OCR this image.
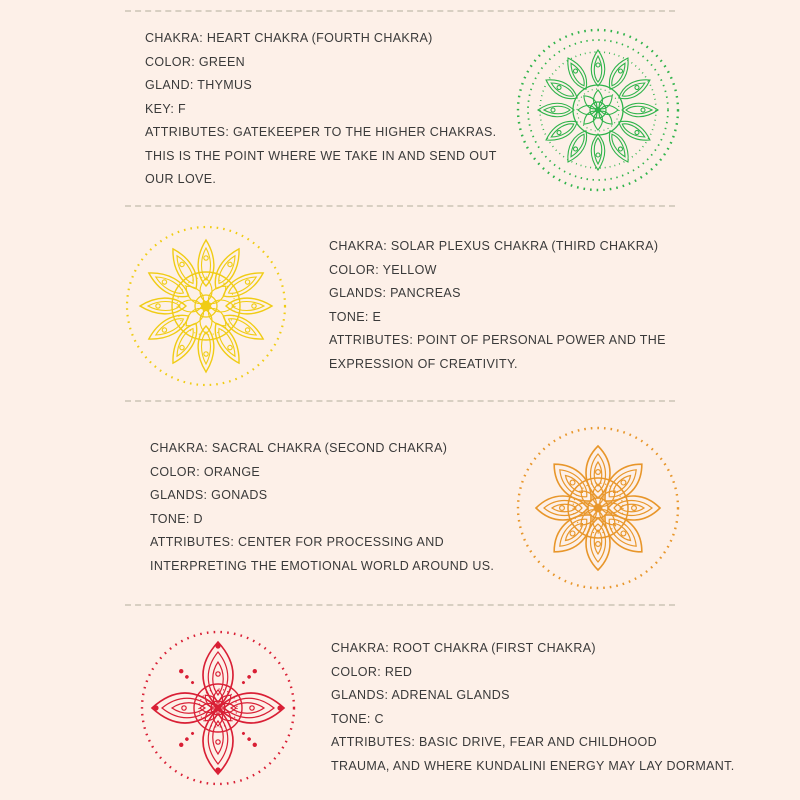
CHAKRA: HEART CHAKRA (FOURTH CHAKRA)
COLOR: GREEN
GLAND: THYMUS
KEY: F
ATTRIBUTES: GATEKEEPER TO THE HIGHER CHAKRAS.
THIS IS THE POINT WHERE WE TAKE IN AND SEND OUT
OUR LOVE.
CHAKRA: SOLAR PLEXUS CHAKRA (THIRD CHAKRA)
COLOR: YELLOW
GLANDS: PANCREAS
TONE: E
ATTRIBUTES: POINT OF PERSONAL POWER AND THE
EXPRESSION OF CREATIVITY.
CHAKRA: SACRAL CHAKRA (SECOND CHAKRA)
COLOR: ORANGE
GLANDS: GONADS
TONE: D
ATTRIBUTES: CENTER FOR PROCESSING AND
INTERPRETING THE EMOTIONAL WORLD AROUND US.
CHAKRA: ROOT CHAKRA (FIRST CHAKRA)
COLOR: RED
GLANDS: ADRENAL GLANDS
TONE: C
ATTRIBUTES: BASIC DRIVE, FEAR AND CHILDHOOD
TRAUMA, AND WHERE KUNDALINI ENERGY MAY LAY DORMANT.
